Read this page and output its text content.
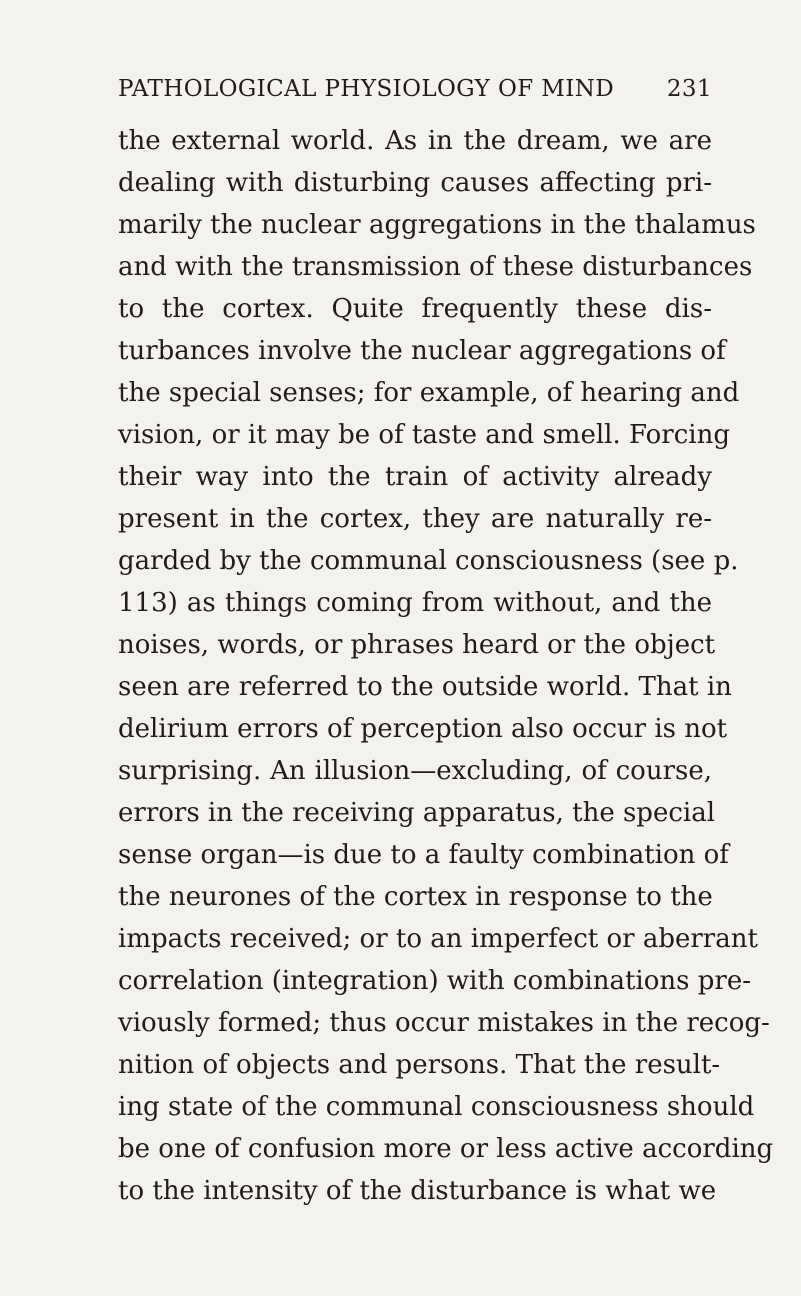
PATHOLOGICAL PHYSIOLOGY OF MIND 231
the external world. As in the dream, we are
dealing with disturbing causes affecting pri-
marily the nuclear aggregations in the thalamus
and with the transmission of these disturbances
to the cortex. Quite frequently these dis-
turbances involve the nuclear aggregations of
the special senses; for example, of hearing and
vision, or it may be of taste and smell. Forcing
their way into the train of activity already
present in the cortex, they are naturally re-
garded by the communal consciousness (see p.
113) as things coming from without, and the
noises, words, or phrases heard or the object
seen are referred to the outside world. That in
delirium errors of perception also occur is not
surprising. An illusion—excluding, of course,
errors in the receiving apparatus, the special
sense organ—is due to a faulty combination of
the neurones of the cortex in response to the
impacts received; or to an imperfect or aberrant
correlation (integration) with combinations pre-
viously formed; thus occur mistakes in the recog-
nition of objects and persons. That the result-
ing state of the communal consciousness should
be one of confusion more or less active according
to the intensity of the disturbance is what we
